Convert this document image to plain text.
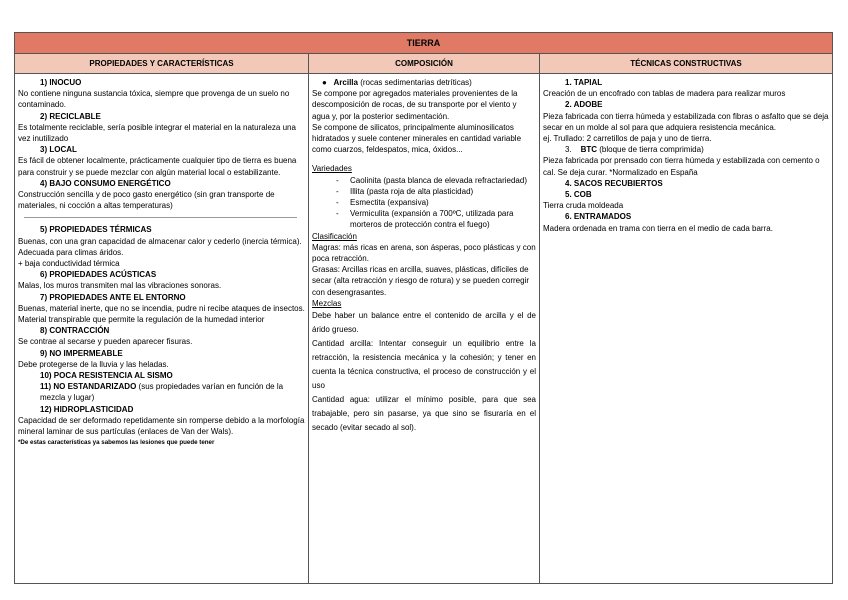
TIERRA
PROPIEDADES Y CARACTERÍSTICAS	COMPOSICIÓN	TÉCNICAS CONSTRUCTIVAS
1) INOCUO
No contiene ninguna sustancia tóxica, siempre que provenga de un suelo no contaminado.
2) RECICLABLE
Es totalmente reciclable, sería posible integrar el material en la naturaleza una vez inutilizado
3) LOCAL
Es fácil de obtener localmente, prácticamente cualquier tipo de tierra es buena para construir y se puede mezclar con algún material local o estabilizante.
4) BAJO CONSUMO ENERGÉTICO
Construcción sencilla y de poco gasto energético (sin gran transporte de materiales, ni cocción a altas temperaturas)
5) PROPIEDADES TÉRMICAS
Buenas, con una gran capacidad de almacenar calor y cederlo (inercia térmica). Adecuada para climas áridos.
+ baja conductividad térmica
6) PROPIEDADES ACÚSTICAS
Malas, los muros transmiten mal las vibraciones sonoras.
7) PROPIEDADES ANTE EL ENTORNO
Buenas, material inerte, que no se incendia, pudre ni recibe ataques de insectos. Material transpirable que permite la regulación de la humedad interior
8) CONTRACCIÓN
Se contrae al secarse y pueden aparecer fisuras.
9) NO IMPERMEABLE
Debe protegerse de la lluvia y las heladas.
10) POCA RESISTENCIA AL SISMO
11) NO ESTANDARIZADO (sus propiedades varían en función de la mezcla y lugar)
12) HIDROPLASTICIDAD
Capacidad de ser deformado repetidamente sin romperse debido a la morfología mineral laminar de sus partículas (enlaces de Van der Wals).
*De estas características ya sabemos las lesiones que puede tener
● Arcilla (rocas sedimentarias detríticas)
Se compone por agregados materiales provenientes de la descomposición de rocas, de su transporte por el viento y agua y, por la posterior sedimentación.
Se compone de silicatos, principalmente aluminosilicatos hidratados y suele contener minerales en cantidad variable como cuarzos, feldespatos, mica, óxidos...
Variedades
- Caolinita (pasta blanca de elevada refractariedad)
- Illita (pasta roja de alta plasticidad)
- Esmectita (expansiva)
- Vermiculita (expansión a 700ºC, utilizada para morteros de protección contra el fuego)
Clasificación
Magras: más ricas en arena, son ásperas, poco plásticas y con poca retracción.
Grasas: Arcillas ricas en arcilla, suaves, plásticas, difíciles de secar (alta retracción y riesgo de rotura) y se pueden corregir con desengrasantes.
Mezclas
Debe haber un balance entre el contenido de arcilla y el de árido grueso.
Cantidad arcilla: Intentar conseguir un equilibrio entre la retracción, la resistencia mecánica y la cohesión; y tener en cuenta la técnica constructiva, el proceso de construcción y el uso
Cantidad agua: utilizar el mínimo posible, para que sea trabajable, pero sin pasarse, ya que sino se fisuraría en el secado (evitar secado al sol).
1. TAPIAL
Creación de un encofrado con tablas de madera para realizar muros
2. ADOBE
Pieza fabricada con tierra húmeda y estabilizada con fibras o asfalto que se deja secar en un molde al sol para que adquiera resistencia mecánica.
ej. Trullado: 2 carretillos de paja y uno de tierra.
3. BTC (bloque de tierra comprimida)
Pieza fabricada por prensado con tierra húmeda y estabilizada con cemento o cal. Se deja curar. *Normalizado en España
4. SACOS RECUBIERTOS
5. COB
Tierra cruda moldeada
6. ENTRAMADOS
Madera ordenada en trama con tierra en el medio de cada barra.
